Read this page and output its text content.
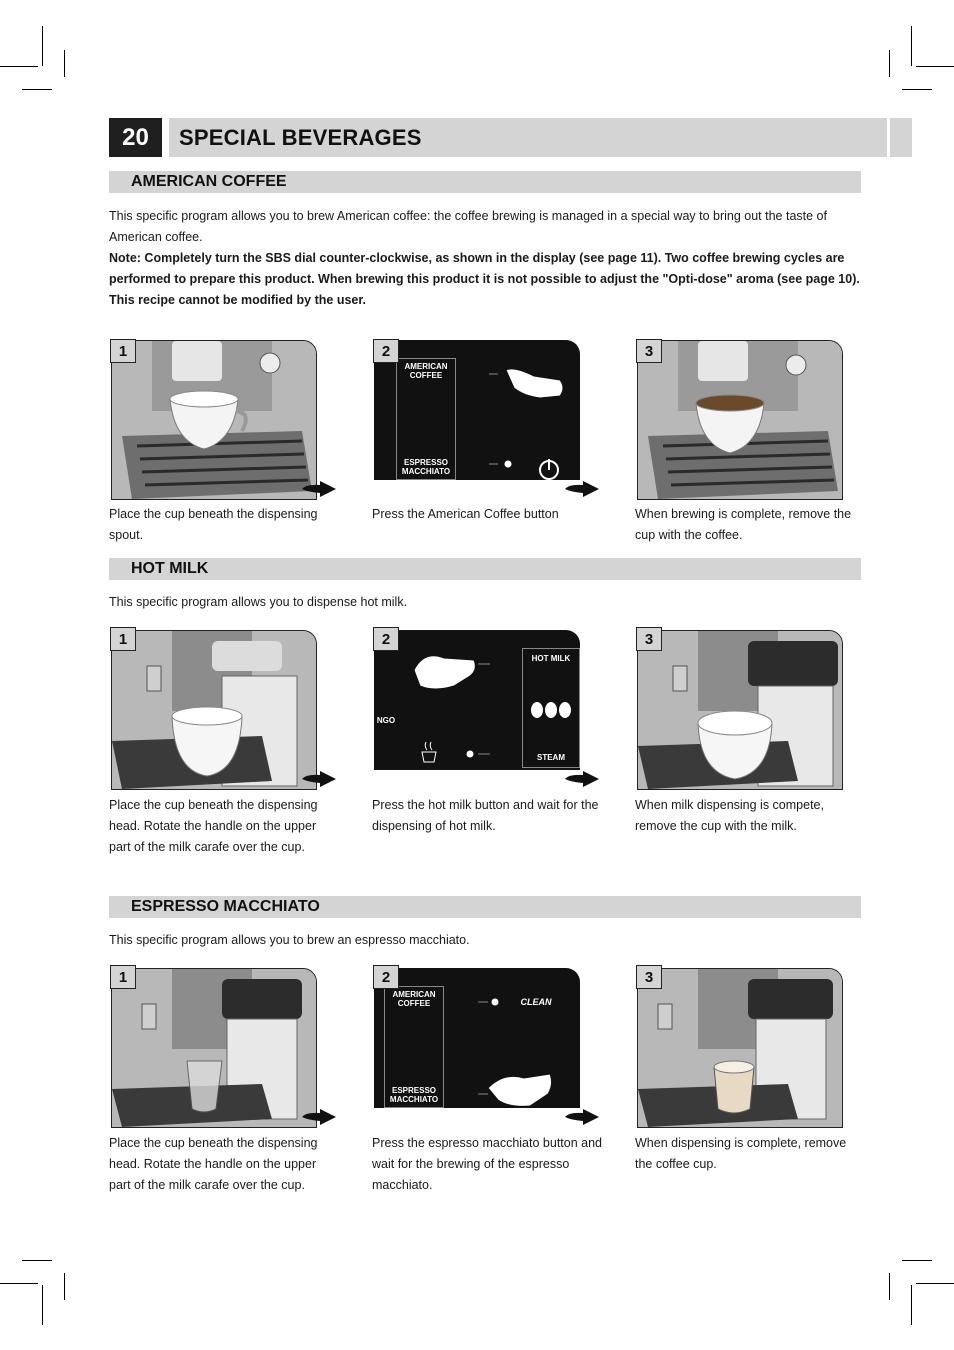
20	SPECIAL BEVERAGES
AMERICAN COFFEE

This specific program allows you to brew American coffee: the coffee brewing is managed in a special way to bring out the taste of American coffee.

Note: Completely turn the SBS dial counter-clockwise, as shown in the display (see page 11). Two coffee brewing cycles are performed to prepare this product. When brewing this product it is not possible to adjust the "Opti-dose" aroma (see page 10). This recipe cannot be modified by the user.

1

Place the cup beneath the dispensing spout.

AMERICAN COFFEE
ESPRESSO MACCHIATO
2

Press the American Coffee button

3

When brewing is complete, remove the cup with the coffee.

HOT MILK

This specific program allows you to dispense hot milk.

1

Place the cup beneath the dispensing head. Rotate the handle on the upper part of the milk carafe over the cup.

HOT MILK
STEAM
NGO
2

Press the hot milk button and wait for the dispensing of hot milk.

3

When milk dispensing is compete, remove the cup with the milk.

ESPRESSO MACCHIATO

This specific program allows you to brew an espresso macchiato.

1

Place the cup beneath the dispensing head. Rotate the handle on the upper part of the milk carafe over the cup.

AMERICAN COFFEE
ESPRESSO MACCHIATO
CLEAN
2

Press the espresso macchiato button and wait for the brewing of the espresso macchiato.

3

When dispensing is complete, remove the coffee cup.
